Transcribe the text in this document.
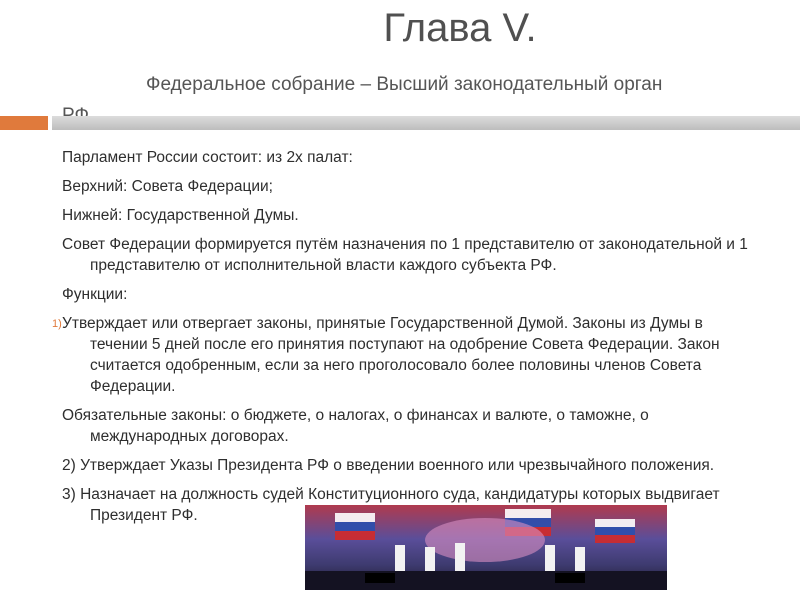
Глава V.
Федеральное собрание – Высший законодательный орган

Парламент России состоит: из 2х палат:

Верхний: Совета Федерации;

Нижней: Государственной Думы.

Совет Федерации формируется путём назначения по 1 представителю от законодательной и 1 представителю от исполнительной власти каждого субъекта РФ.

Функции:

1) Утверждает или отвергает законы, принятые Государственной Думой. Законы из Думы в течении 5 дней после его принятия поступают на одобрение Совета Федерации. Закон считается одобренным, если за него проголосовало более половины членов Совета Федерации.

Обязательные законы: о бюджете, о налогах, о финансах и валюте, о таможне, о международных договорах.

2) Утверждает Указы Президента РФ о введении военного или чрезвычайного положения.

3) Назначает на должность судей Конституционного суда, кандидатуры которых выдвигает Президент РФ.
